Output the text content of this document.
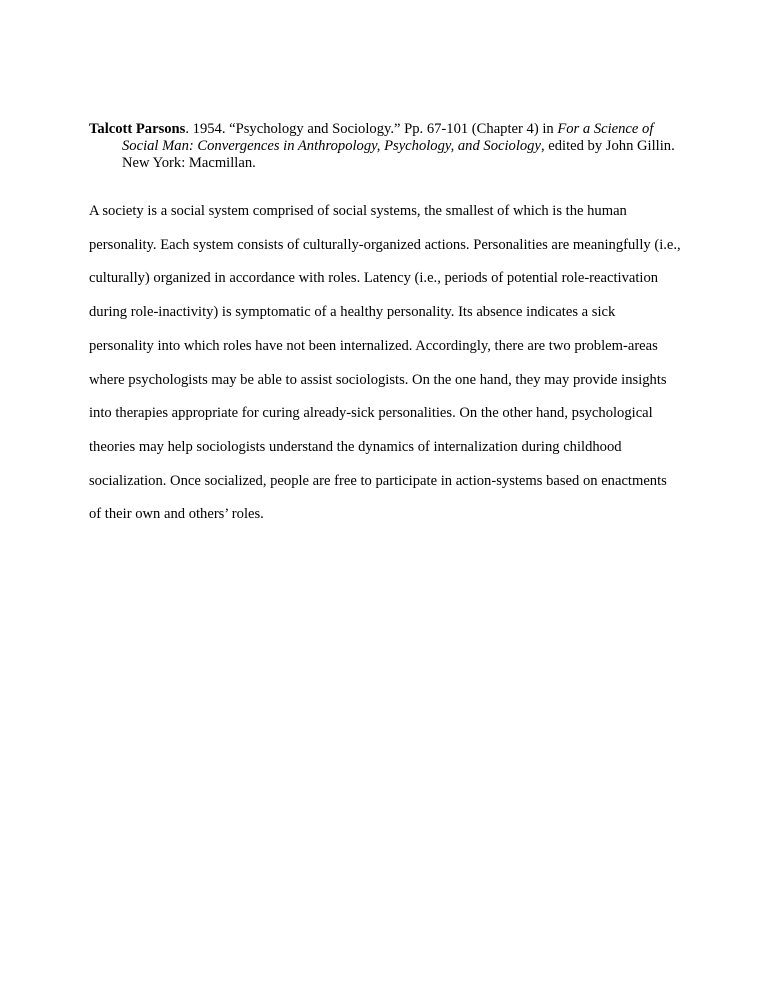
Talcott Parsons. 1954. “Psychology and Sociology.” Pp. 67-101 (Chapter 4) in For a Science of Social Man: Convergences in Anthropology, Psychology, and Sociology, edited by John Gillin. New York: Macmillan.

A society is a social system comprised of social systems, the smallest of which is the human personality. Each system consists of culturally-organized actions. Personalities are meaningfully (i.e., culturally) organized in accordance with roles. Latency (i.e., periods of potential role-reactivation during role-inactivity) is symptomatic of a healthy personality. Its absence indicates a sick personality into which roles have not been internalized. Accordingly, there are two problem-areas where psychologists may be able to assist sociologists. On the one hand, they may provide insights into therapies appropriate for curing already-sick personalities. On the other hand, psychological theories may help sociologists understand the dynamics of internalization during childhood socialization. Once socialized, people are free to participate in action-systems based on enactments of their own and others’ roles.
